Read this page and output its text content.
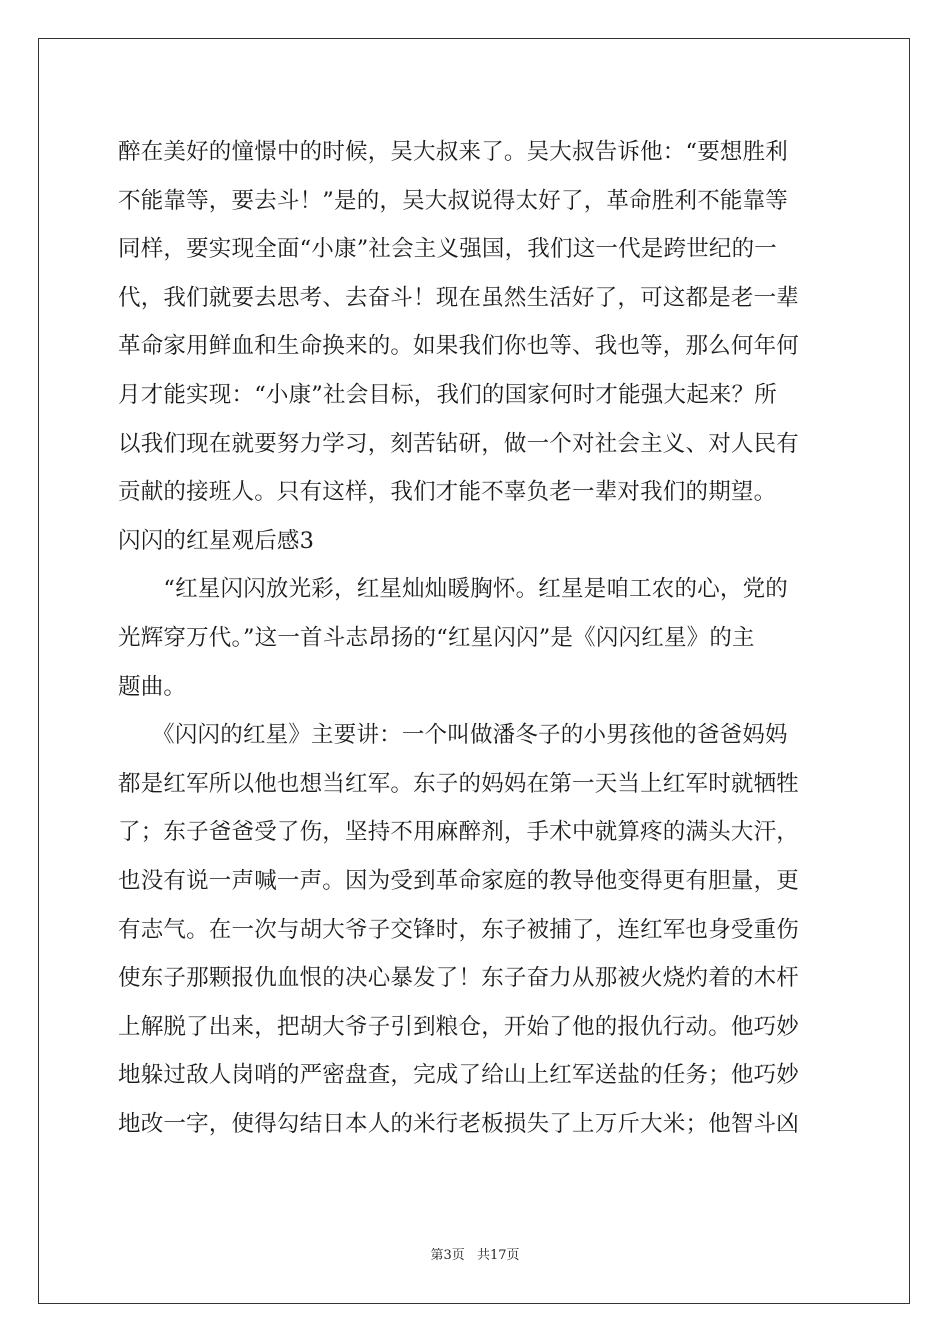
醉在美好的憧憬中的时候，吴大叔来了。吴大叔告诉他：“要想胜利
不能靠等，要去斗！”是的，吴大叔说得太好了，革命胜利不能靠等
同样，要实现全面“小康”社会主义强国，我们这一代是跨世纪的一
代，我们就要去思考、去奋斗！现在虽然生活好了，可这都是老一辈
革命家用鲜血和生命换来的。如果我们你也等、我也等，那么何年何
月才能实现：“小康”社会目标，我们的国家何时才能强大起来？所
以我们现在就要努力学习，刻苦钻研，做一个对社会主义、对人民有
贡献的接班人。只有这样，我们才能不辜负老一辈对我们的期望。
闪闪的红星观后感3
　　“红星闪闪放光彩，红星灿灿暖胸怀。红星是咱工农的心，党的
光辉穿万代。”这一首斗志昂扬的“红星闪闪”是《闪闪红星》的主
题曲。
　　《闪闪的红星》主要讲：一个叫做潘冬子的小男孩他的爸爸妈妈
都是红军所以他也想当红军。东子的妈妈在第一天当上红军时就牺牲
了；东子爸爸受了伤，坚持不用麻醉剂，手术中就算疼的满头大汗，
也没有说一声喊一声。因为受到革命家庭的教导他变得更有胆量，更
有志气。在一次与胡大爷子交锋时，东子被捕了，连红军也身受重伤
使东子那颗报仇血恨的决心暴发了！东子奋力从那被火烧灼着的木杆
上解脱了出来，把胡大爷子引到粮仓，开始了他的报仇行动。他巧妙
地躲过敌人岗哨的严密盘查，完成了给山上红军送盐的任务；他巧妙
地改一字，使得勾结日本人的米行老板损失了上万斤大米；他智斗凶
第3页 共17页
